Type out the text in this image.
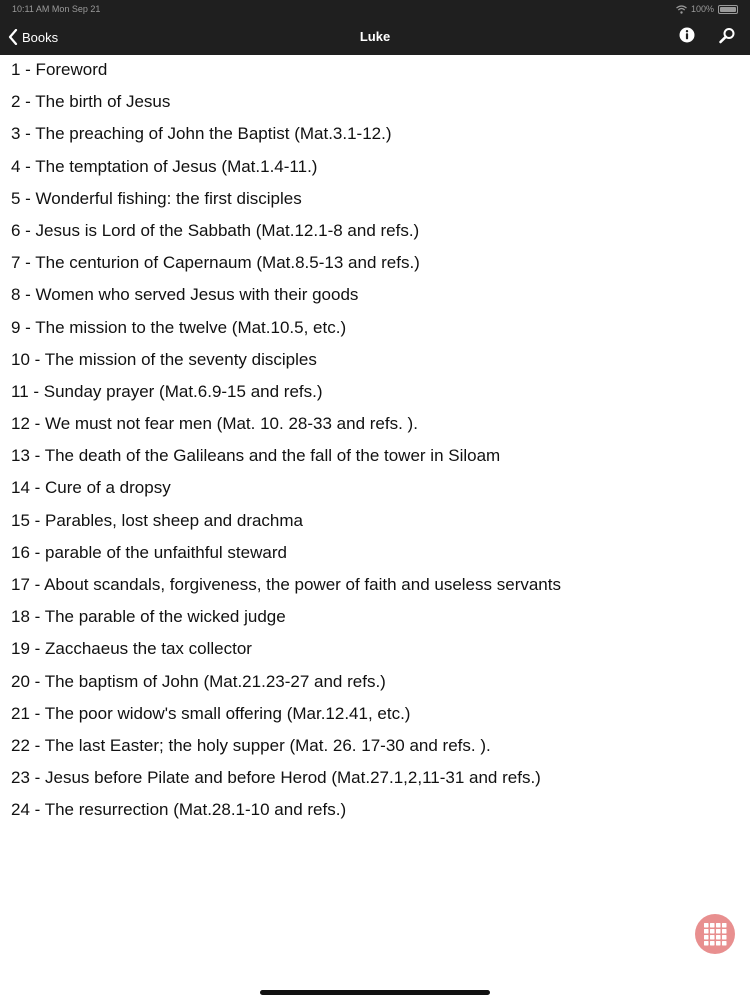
10:11 AM Mon Sep 21	100%
Books	Luke
1 - Foreword
2 - The birth of Jesus
3 - The preaching of John the Baptist (Mat.3.1-12.)
4 - The temptation of Jesus (Mat.1.4-11.)
5 - Wonderful fishing: the first disciples
6 - Jesus is Lord of the Sabbath (Mat.12.1-8 and refs.)
7 - The centurion of Capernaum (Mat.8.5-13 and refs.)
8 - Women who served Jesus with their goods
9 - The mission to the twelve (Mat.10.5, etc.)
10 - The mission of the seventy disciples
11 - Sunday prayer (Mat.6.9-15 and refs.)
12 - We must not fear men (Mat. 10. 28-33 and refs. ).
13 - The death of the Galileans and the fall of the tower in Siloam
14 - Cure of a dropsy
15 - Parables, lost sheep and drachma
16 - parable of the unfaithful steward
17 - About scandals, forgiveness, the power of faith and useless servants
18 - The parable of the wicked judge
19 - Zacchaeus the tax collector
20 - The baptism of John (Mat.21.23-27 and refs.)
21 - The poor widow's small offering (Mar.12.41, etc.)
22 - The last Easter; the holy supper (Mat. 26. 17-30 and refs. ).
23 - Jesus before Pilate and before Herod (Mat.27.1,2,11-31 and refs.)
24 - The resurrection (Mat.28.1-10 and refs.)
